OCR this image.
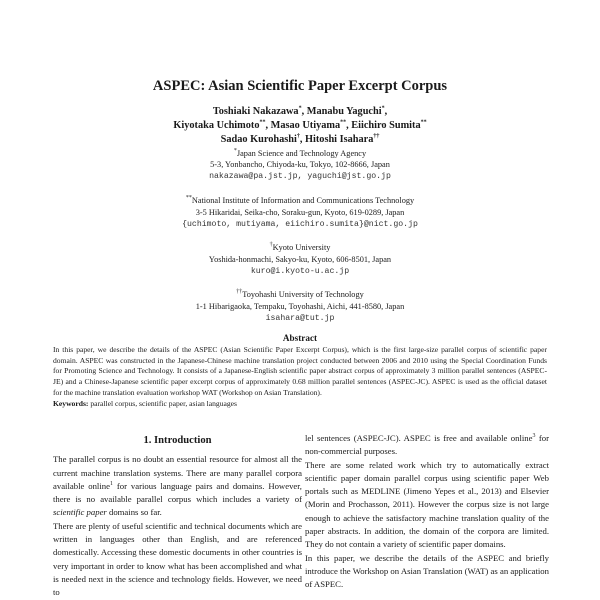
ASPEC: Asian Scientific Paper Excerpt Corpus
Toshiaki Nakazawa*, Manabu Yaguchi*,
Kiyotaka Uchimoto**, Masao Utiyama**, Eiichiro Sumita**
Sadao Kurohashi†, Hitoshi Isahara††
*Japan Science and Technology Agency
5-3, Yonbancho, Chiyoda-ku, Tokyo, 102-8666, Japan
nakazawa@pa.jst.jp, yaguchi@jst.go.jp
**National Institute of Information and Communications Technology
3-5 Hikaridai, Seika-cho, Soraku-gun, Kyoto, 619-0289, Japan
{uchimoto, mutiyama, eiichiro.sumita}@nict.go.jp
†Kyoto University
Yoshida-honmachi, Sakyo-ku, Kyoto, 606-8501, Japan
kuro@i.kyoto-u.ac.jp
††Toyohashi University of Technology
1-1 Hibarigaoka, Tempaku, Toyohashi, Aichi, 441-8580, Japan
isahara@tut.jp
Abstract
In this paper, we describe the details of the ASPEC (Asian Scientific Paper Excerpt Corpus), which is the first large-size parallel corpus of scientific paper domain. ASPEC was constructed in the Japanese-Chinese machine translation project conducted between 2006 and 2010 using the Special Coordination Funds for Promoting Science and Technology. It consists of a Japanese-English scientific paper abstract corpus of approximately 3 million parallel sentences (ASPEC-JE) and a Chinese-Japanese scientific paper excerpt corpus of approximately 0.68 million parallel sentences (ASPEC-JC). ASPEC is used as the official dataset for the machine translation evaluation workshop WAT (Workshop on Asian Translation).
Keywords: parallel corpus, scientific paper, asian languages
1. Introduction

The parallel corpus is no doubt an essential resource for almost all the current machine translation systems. There are many parallel corpora available online$^1$ for various language pairs and domains. However, there is no available parallel corpus which includes a variety of scientific paper domains so far.

There are plenty of useful scientific and technical documents which are written in languages other than English, and are referenced domestically. Accessing these domestic documents in other countries is very important in order to know what has been accomplished and what is needed next in the science and technology fields. However, we need to

lel sentences (ASPEC-JC). ASPEC is free and available online$^3$ for non-commercial purposes.

There are some related work which try to automatically extract scientific paper domain parallel corpus using scientific paper Web portals such as MEDLINE (Jimeno Yepes et al., 2013) and Elsevier (Morin and Prochasson, 2011). However the corpus size is not large enough to achieve the satisfactory machine translation quality of the paper abstracts. In addition, the domain of the corpora are limited. They do not contain a variety of scientific paper domains.

In this paper, we describe the details of the ASPEC and briefly introduce the Workshop on Asian Translation (WAT) as an application of ASPEC.
